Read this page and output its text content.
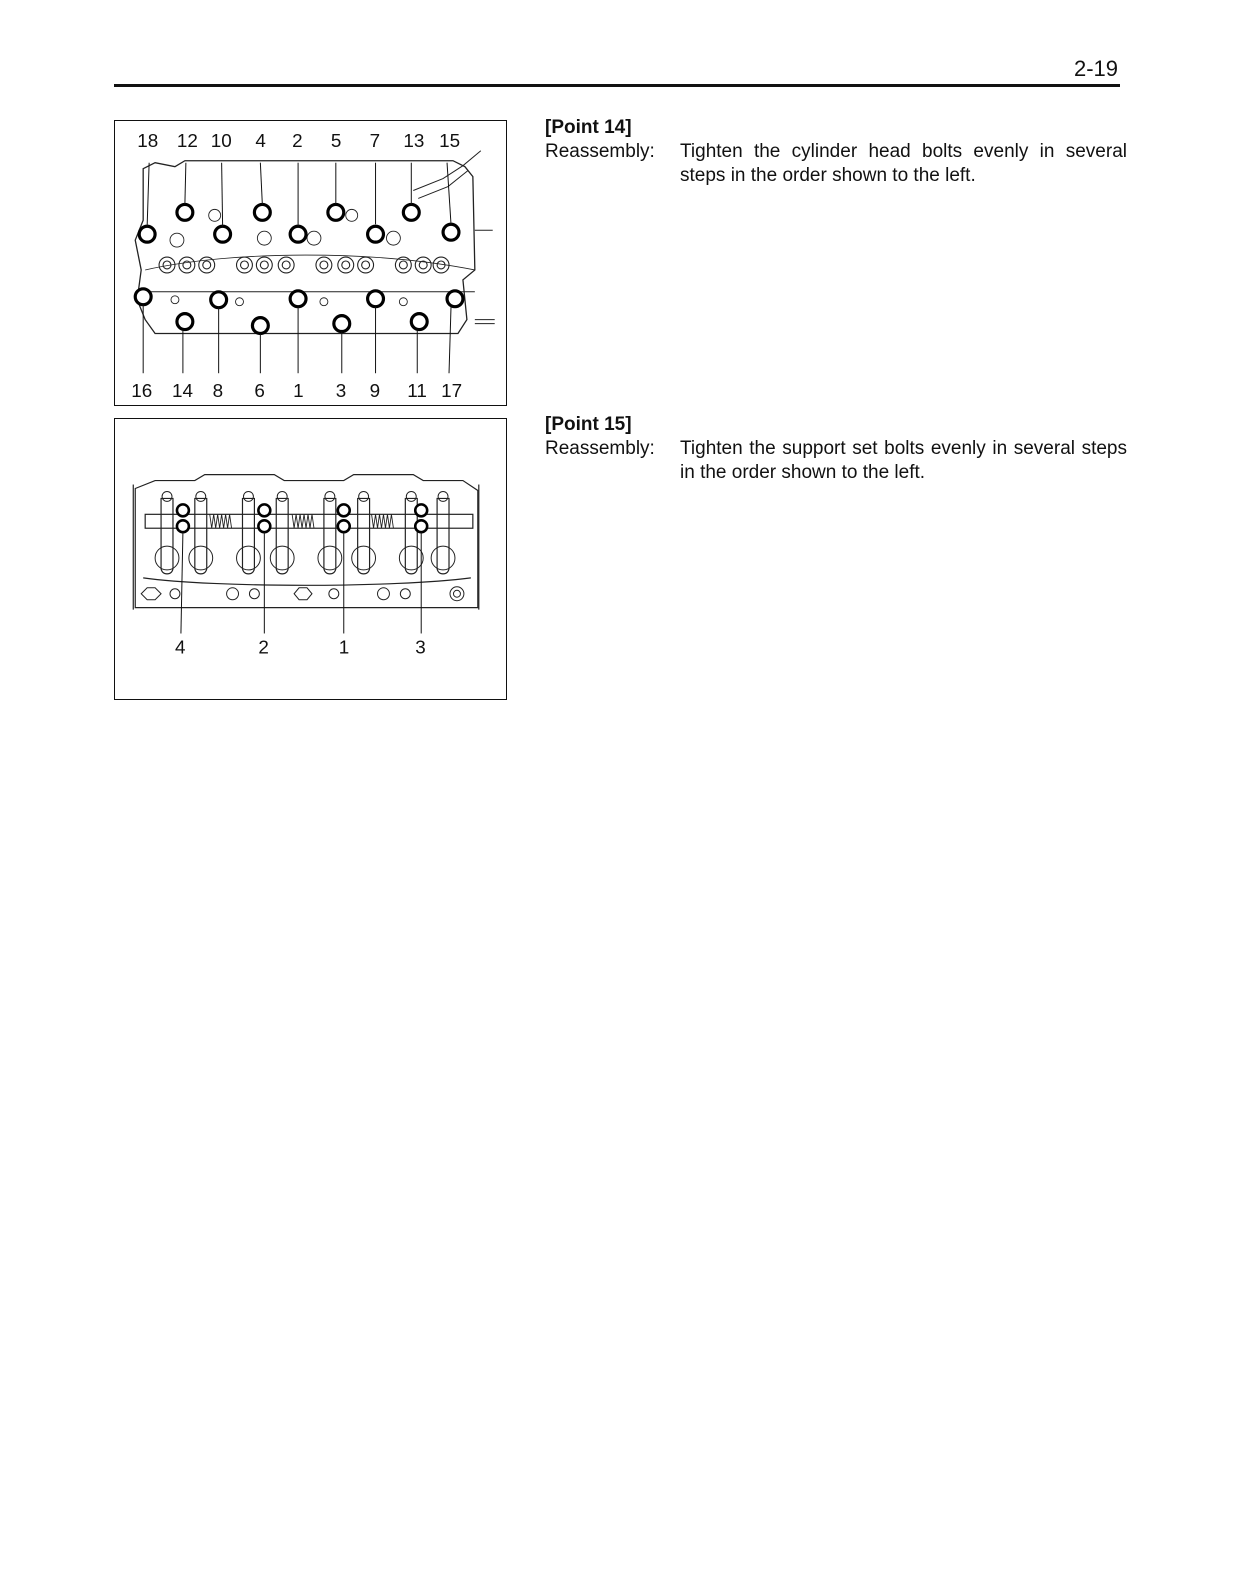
2-19
18 12 10 4 2 5 7 13 15
16 14 8 6 1 3 9 11 17
4	2	1	3
[Point 14]
Reassembly: Tighten the cylinder head bolts evenly in several steps in the order shown to the left.
[Point 15]
Reassembly: Tighten the support set bolts evenly in several steps in the order shown to the left.
